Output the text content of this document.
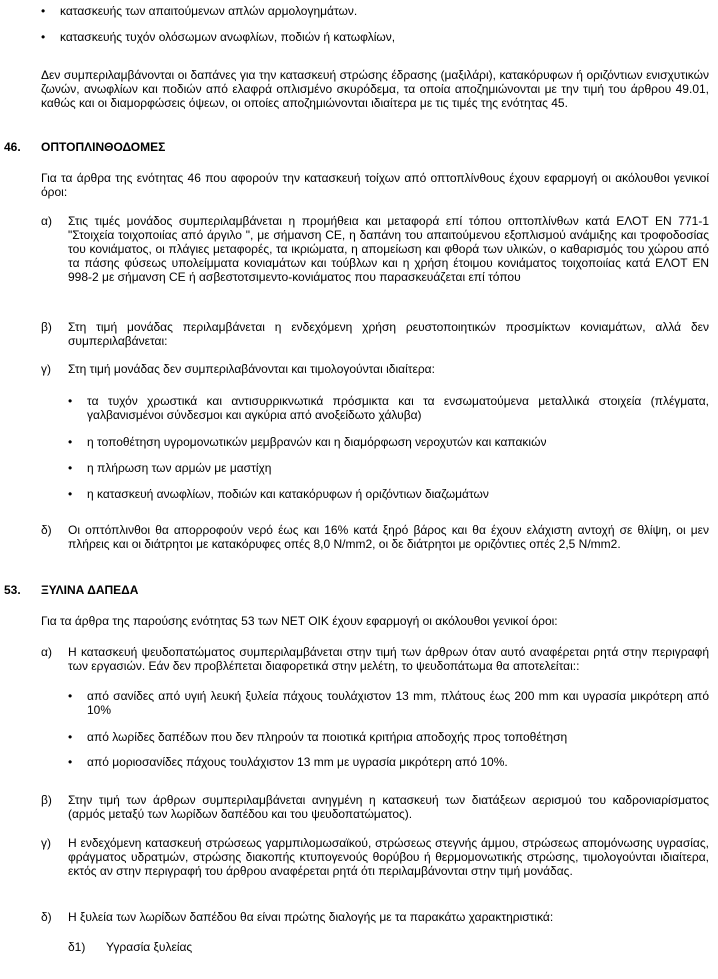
• κατασκευής των απαιτούμενων απλών αρμολογημάτων.
• κατασκευής τυχόν ολόσωμων ανωφλίων, ποδιών ή κατωφλίων,
Δεν συμπεριλαμβάνονται οι δαπάνες για την κατασκευή στρώσης έδρασης (μαξιλάρι), κατακόρυφων ή οριζόντιων ενισχυτικών ζωνών, ανωφλίων και ποδιών από ελαφρά οπλισμένο σκυρόδεμα, τα οποία αποζημιώνονται με την τιμή του άρθρου 49.01, καθώς και οι διαμορφώσεις όψεων, οι οποίες αποζημιώνονται ιδιαίτερα με τις τιμές της ενότητας 45.
46. ΟΠΤΟΠΛΙΝΘΟΔΟΜΕΣ
Για τα άρθρα της ενότητας 46 που αφορούν την κατασκευή τοίχων από οπτοπλίνθους έχουν εφαρμογή οι ακόλουθοι γενικοί όροι:
α) Στις τιμές μονάδος συμπεριλαμβάνεται η προμήθεια και μεταφορά επί τόπου οπτοπλίνθων κατά ΕΛΟΤ ΕΝ 771-1 "Στοιχεία τοιχοποιίας από άργιλο ", με σήμανση CE, η δαπάνη του απαιτούμενου εξοπλισμού ανάμιξης και τροφοδοσίας του κονιάματος, οι πλάγιες μεταφορές, τα ικριώματα, η απομείωση και φθορά των υλικών, ο καθαρισμός του χώρου από τα πάσης φύσεως υπολείμματα κονιαμάτων και τούβλων και η χρήση έτοιμου κονιάματος τοιχοποιίας κατά ΕΛΟΤ ΕΝ 998-2 με σήμανση CE ή ασβεστοτσιμεντο-κονιάματος που παρασκευάζεται επί τόπου
β) Στη τιμή μονάδας περιλαμβάνεται η ενδεχόμενη χρήση ρευστοποιητικών προσμίκτων κονιαμάτων, αλλά δεν συμπεριλαβάνεται:
γ) Στη τιμή μονάδας δεν συμπεριλαβάνονται και τιμολογούνται ιδιαίτερα:
• τα τυχόν χρωστικά και αντισυρρικνωτικά πρόσμικτα και τα ενσωματούμενα μεταλλικά στοιχεία (πλέγματα, γαλβανισμένοι σύνδεσμοι και αγκύρια από ανοξείδωτο χάλυβα)
• η τοποθέτηση υγρομονωτικών μεμβρανών και η διαμόρφωση νεροχυτών και καπακιών
• η πλήρωση των αρμών με μαστίχη
• η κατασκευή ανωφλίων, ποδιών και κατακόρυφων ή οριζόντιων διαζωμάτων
δ) Οι οπτόπλινθοι θα απορροφούν νερό έως και 16% κατά ξηρό βάρος και θα έχουν ελάχιστη αντοχή σε θλίψη, οι μεν πλήρεις και οι διάτρητοι με κατακόρυφες οπές 8,0 N/mm2, οι δε διάτρητοι με οριζόντιες οπές 2,5 N/mm2.
53. ΞΥΛΙΝΑ ΔΑΠΕΔΑ
Για τα άρθρα της παρούσης ενότητας 53 των ΝΕΤ ΟΙΚ έχουν εφαρμογή οι ακόλουθοι γενικοί όροι:
α) Η κατασκευή ψευδοπατώματος συμπεριλαμβάνεται στην τιμή των άρθρων όταν αυτό αναφέρεται ρητά στην περιγραφή των εργασιών. Εάν δεν προβλέπεται διαφορετικά στην μελέτη, το ψευδοπάτωμα θα αποτελείται::
• από σανίδες από υγιή λευκή ξυλεία πάχους τουλάχιστον 13 mm, πλάτους έως 200 mm και υγρασία μικρότερη από 10%
• από λωρίδες δαπέδων που δεν πληρούν τα ποιοτικά κριτήρια αποδοχής προς τοποθέτηση
• από μοριοσανίδες πάχους τουλάχιστον 13 mm με υγρασία μικρότερη από 10%.
β) Στην τιμή των άρθρων συμπεριλαμβάνεται ανηγμένη η κατασκευή των διατάξεων αερισμού του καδρονιαρίσματος (αρμός μεταξύ των λωρίδων δαπέδου και του ψευδοπατώματος).
γ) Η ενδεχόμενη κατασκευή στρώσεως γαρμπιλομωσαϊκού, στρώσεως στεγνής άμμου, στρώσεως απομόνωσης υγρασίας, φράγματος υδρατμών, στρώσης διακοπής κτυπογενούς θορύβου ή θερμομονωτικής στρώσης, τιμολογούνται ιδιαίτερα, εκτός αν στην περιγραφή του άρθρου αναφέρεται ρητά ότι περιλαμβάνονται στην τιμή μονάδας.
δ) Η ξυλεία των λωρίδων δαπέδου θα είναι πρώτης διαλογής με τα παρακάτω χαρακτηριστικά:
δ1) Υγρασία ξυλείας
